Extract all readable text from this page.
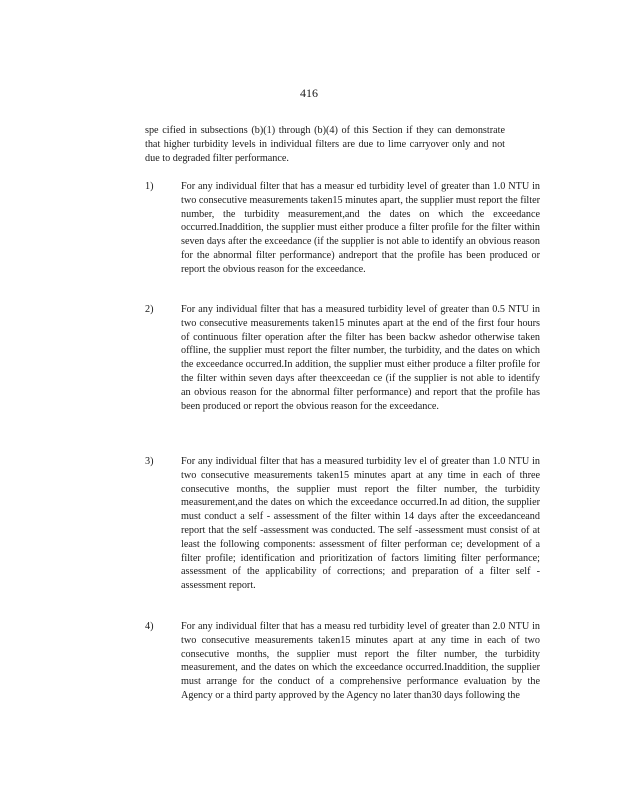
416
spe cified in subsections (b)(1) through (b)(4) of this Section if they can demonstrate that higher turbidity levels in individual filters are due to lime carryover only and not due to degraded filter performance.
1)	For any individual filter that has a measur ed turbidity level of greater than 1.0 NTU in two consecutive measurements taken15 minutes apart, the supplier must report the filter number, the turbidity measurement,and the dates on which the exceedance occurred.Inaddition, the supplier must either produce a filter profile for the filter within seven days after the exceedance (if the supplier is not able to identify an obvious reason for the abnormal filter performance) andreport that the profile has been produced or report the obvious reason for the exceedance.
2)	For any individual filter that has a measured turbidity level of greater than 0.5 NTU in two consecutive measurements taken15 minutes apart at the end of the first four hours of continuous filter operation after the filter has been backw ashedor otherwise taken offline, the supplier must report the filter number, the turbidity, and the dates on which the exceedance occurred.In addition, the supplier must either produce a filter profile for the filter within seven days after theexceedan ce (if the supplier is not able to identify an obvious reason for the abnormal filter performance) and report that the profile has been produced or report the obvious reason for the exceedance.
3)	For any individual filter that has a measured turbidity lev el of greater than 1.0 NTU in two consecutive measurements taken15 minutes apart at any time in each of three consecutive months, the supplier must report the filter number, the turbidity measurement,and the dates on which the exceedance occurred.In ad dition, the supplier must conduct a self - assessment of the filter within 14 days after the exceedanceand report that the self -assessment was conducted. The self -assessment must consist of at least the following components: assessment of filter performan ce; development of a filter profile; identification and prioritization of factors limiting filter performance; assessment of the applicability of corrections; and preparation of a filter self -assessment report.
4)	For any individual filter that has a measu red turbidity level of greater than 2.0 NTU in two consecutive measurements taken15 minutes apart at any time in each of two consecutive months, the supplier must report the filter number, the turbidity measurement, and the dates on which the exceedance occurred.Inaddition, the supplier must arrange for the conduct of a comprehensive performance evaluation by the Agency or a third party approved by the Agency no later than30 days following the
